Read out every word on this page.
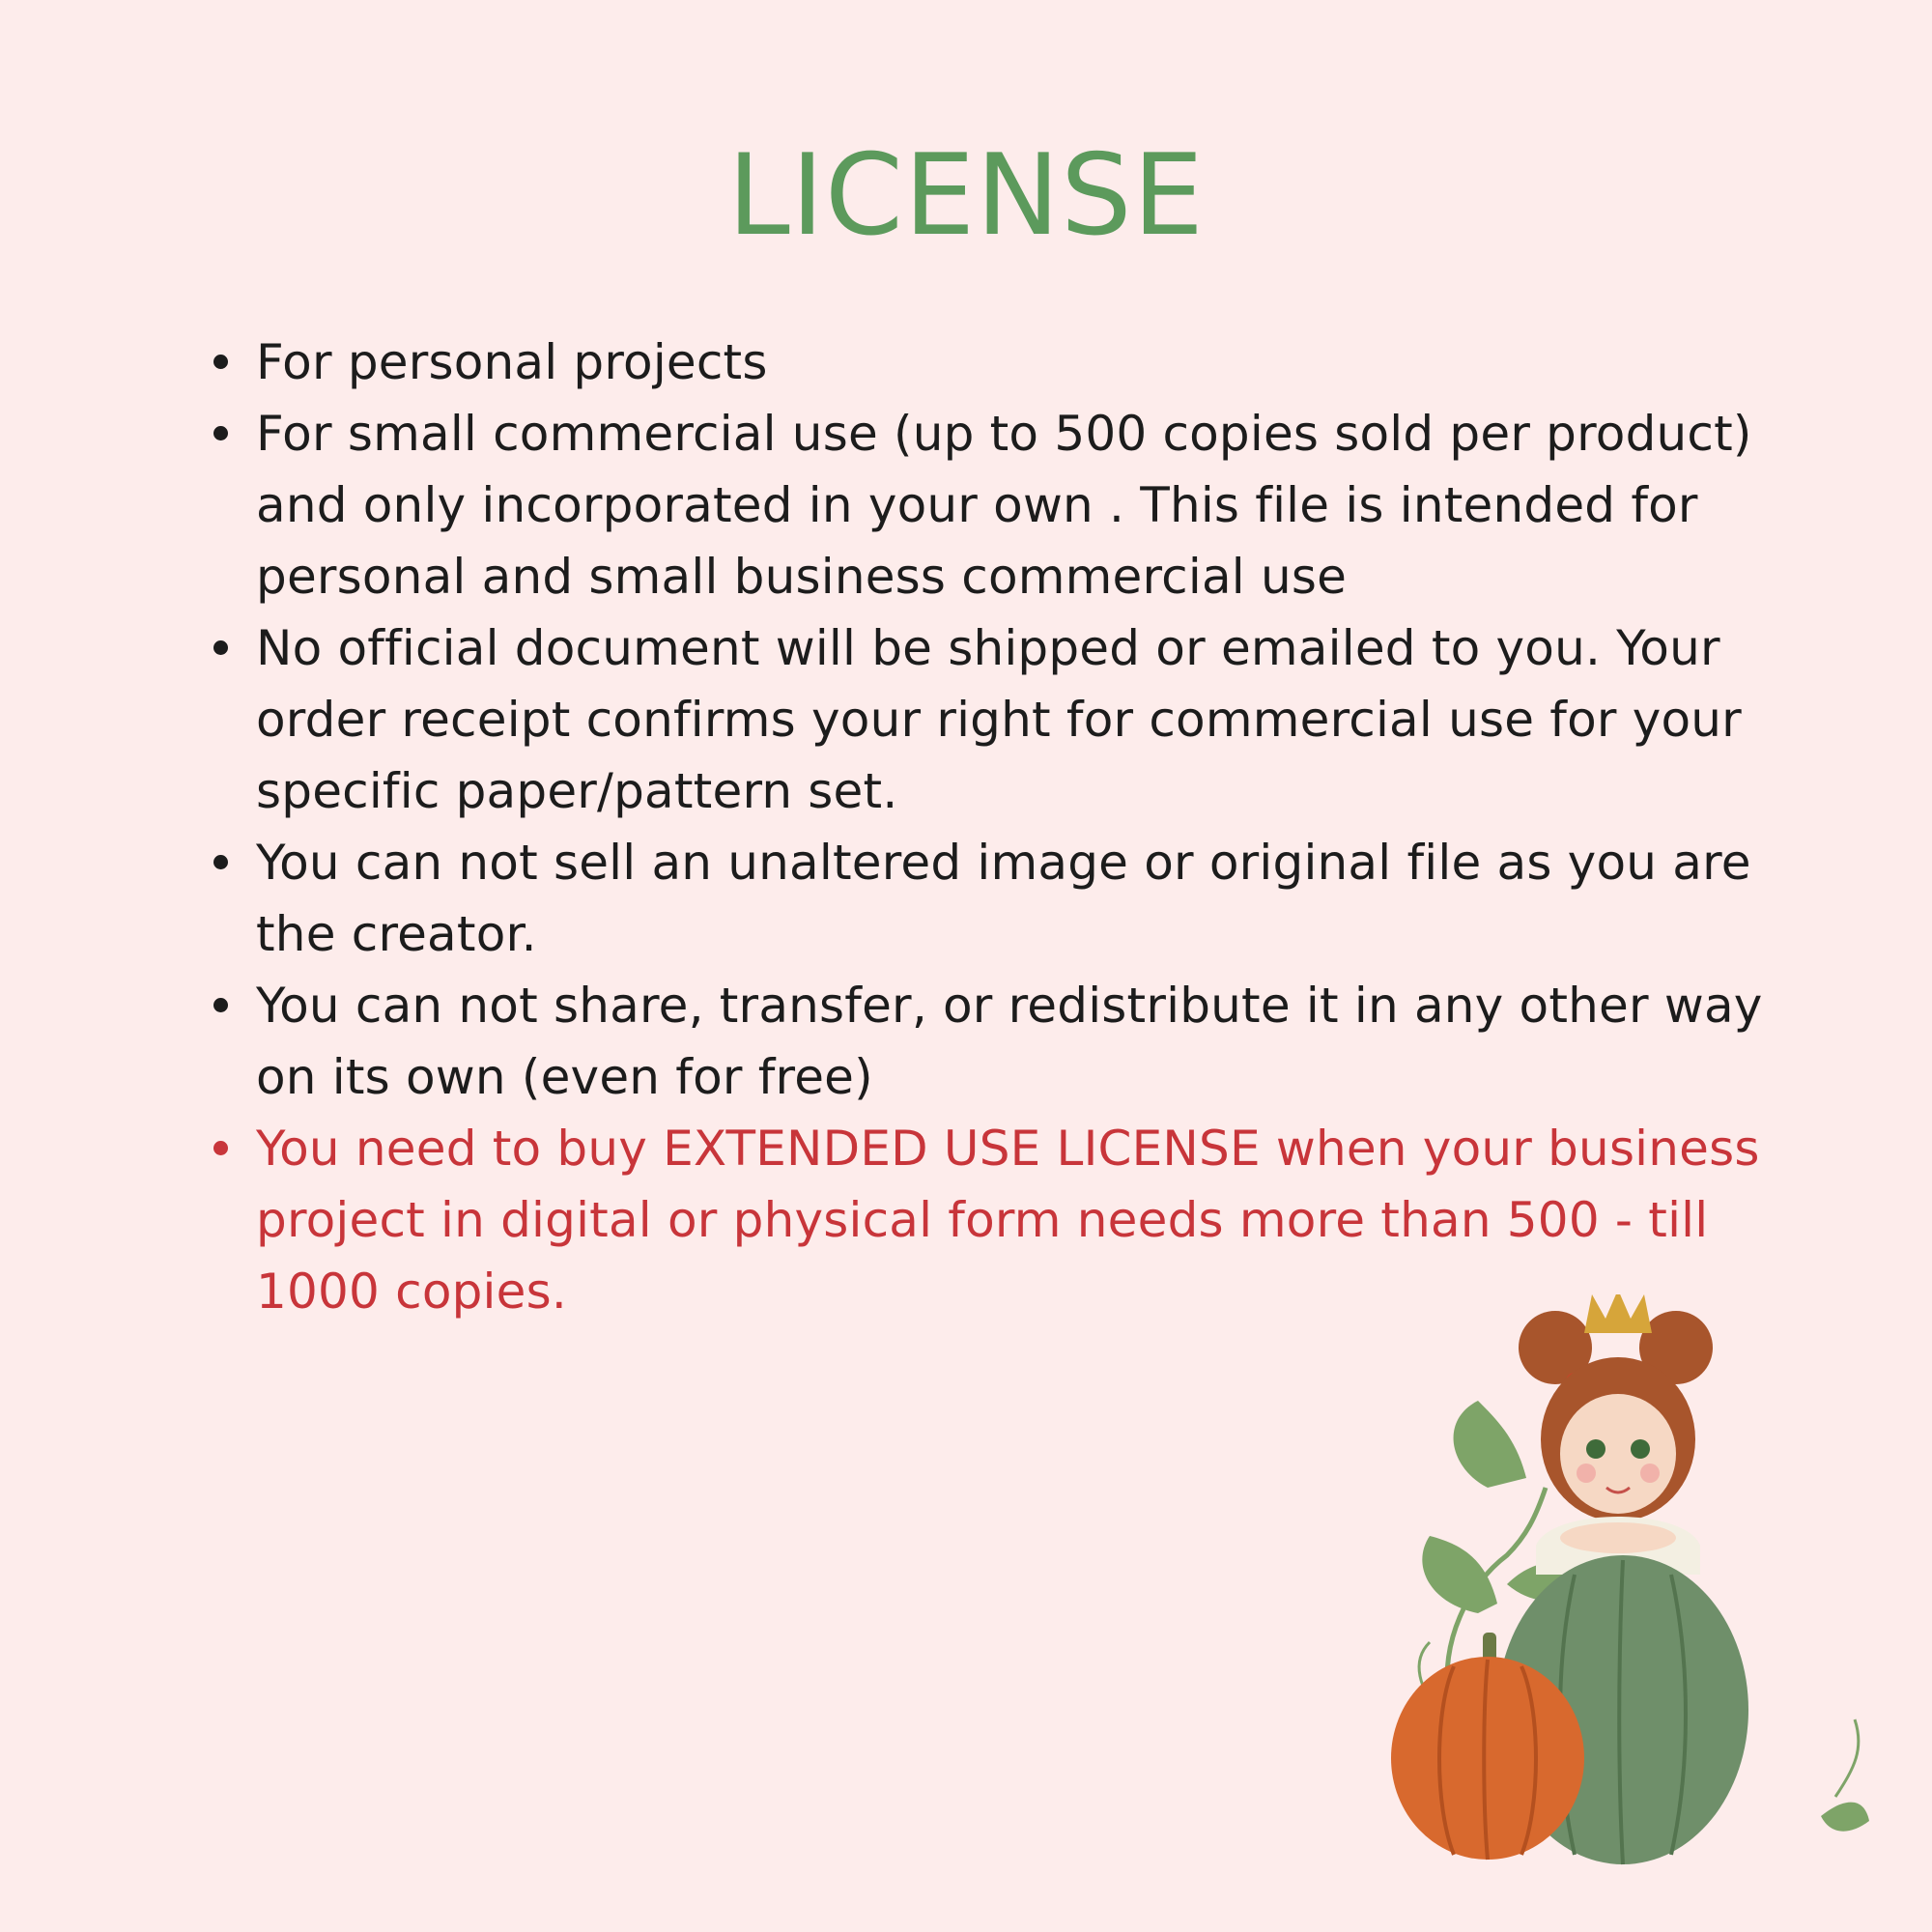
LICENSE
For personal projects
For small commercial use (up to 500 copies sold per product) and only incorporated in your own . This file is intended for personal and small business commercial use
No official document will be shipped or emailed to you. Your order receipt confirms your right for commercial use for your specific paper/pattern set.
You can not sell an unaltered image or original file as you are the creator.
You can not share, transfer, or redistribute it in any other way on its own (even for free)
You need to buy EXTENDED USE LICENSE when your business project in digital or physical form needs more than 500 - till 1000 copies.
